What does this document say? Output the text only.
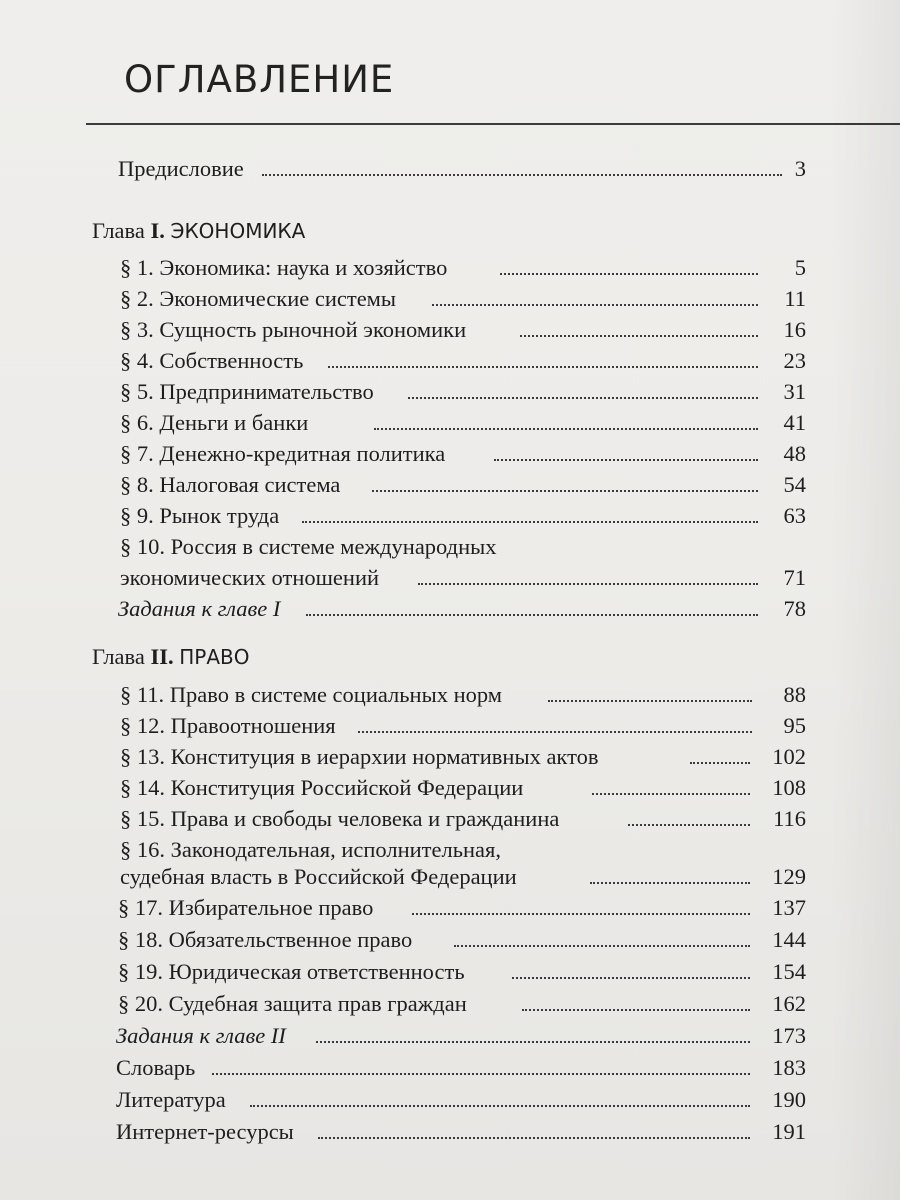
ОГЛАВЛЕНИЕ
Предисловие	3
Глава I. ЭКОНОМИКА
§ 1. Экономика: наука и хозяйство	5
§ 2. Экономические системы	11
§ 3. Сущность рыночной экономики	16
§ 4. Собственность	23
§ 5. Предпринимательство	31
§ 6. Деньги и банки	41
§ 7. Денежно-кредитная политика	48
§ 8. Налоговая система	54
§ 9. Рынок труда	63
§ 10. Россия в системе международных
экономических отношений	71
Задания к главе I	78
Глава II. ПРАВО
§ 11. Право в системе социальных норм	88
§ 12. Правоотношения	95
§ 13. Конституция в иерархии нормативных актов	102
§ 14. Конституция Российской Федерации	108
§ 15. Права и свободы человека и гражданина	116
§ 16. Законодательная, исполнительная,
судебная власть в Российской Федерации	129
§ 17. Избирательное право	137
§ 18. Обязательственное право	144
§ 19. Юридическая ответственность	154
§ 20. Судебная защита прав граждан	162
Задания к главе II	173
Словарь	183
Литература	190
Интернет-ресурсы	191
